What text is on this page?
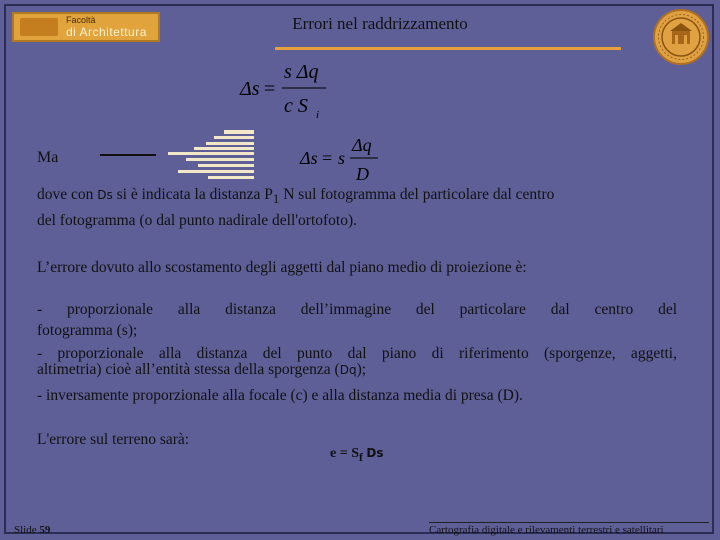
Facoltà
di Architettura	Errori nel raddrizzamento
Δs =
s Δq
c S i
Ma	Δs = s
Δq
D
dove con Ds si è indicata la distanza $P_1$ N sul fotogramma del particolare dal centro
del fotogramma (o dal punto nadirale dell'ortofoto).
L’errore dovuto allo scostamento degli aggetti dal piano medio di proiezione è:
- proporzionale alla distanza dell’immagine del particolare dal centro del
fotogramma (s);
- proporzionale alla distanza del punto dal piano di riferimento (sporgenze, aggetti,
altimetria) cioè all’entità stessa della sporgenza (Dq);
- inversamente proporzionale alla focale (c) e alla distanza media di presa (D).
L'errore sul terreno sarà:
$e = S_f$ Ds
Slide 59	Cartografia digitale e rilevamenti terrestri e satellitari
